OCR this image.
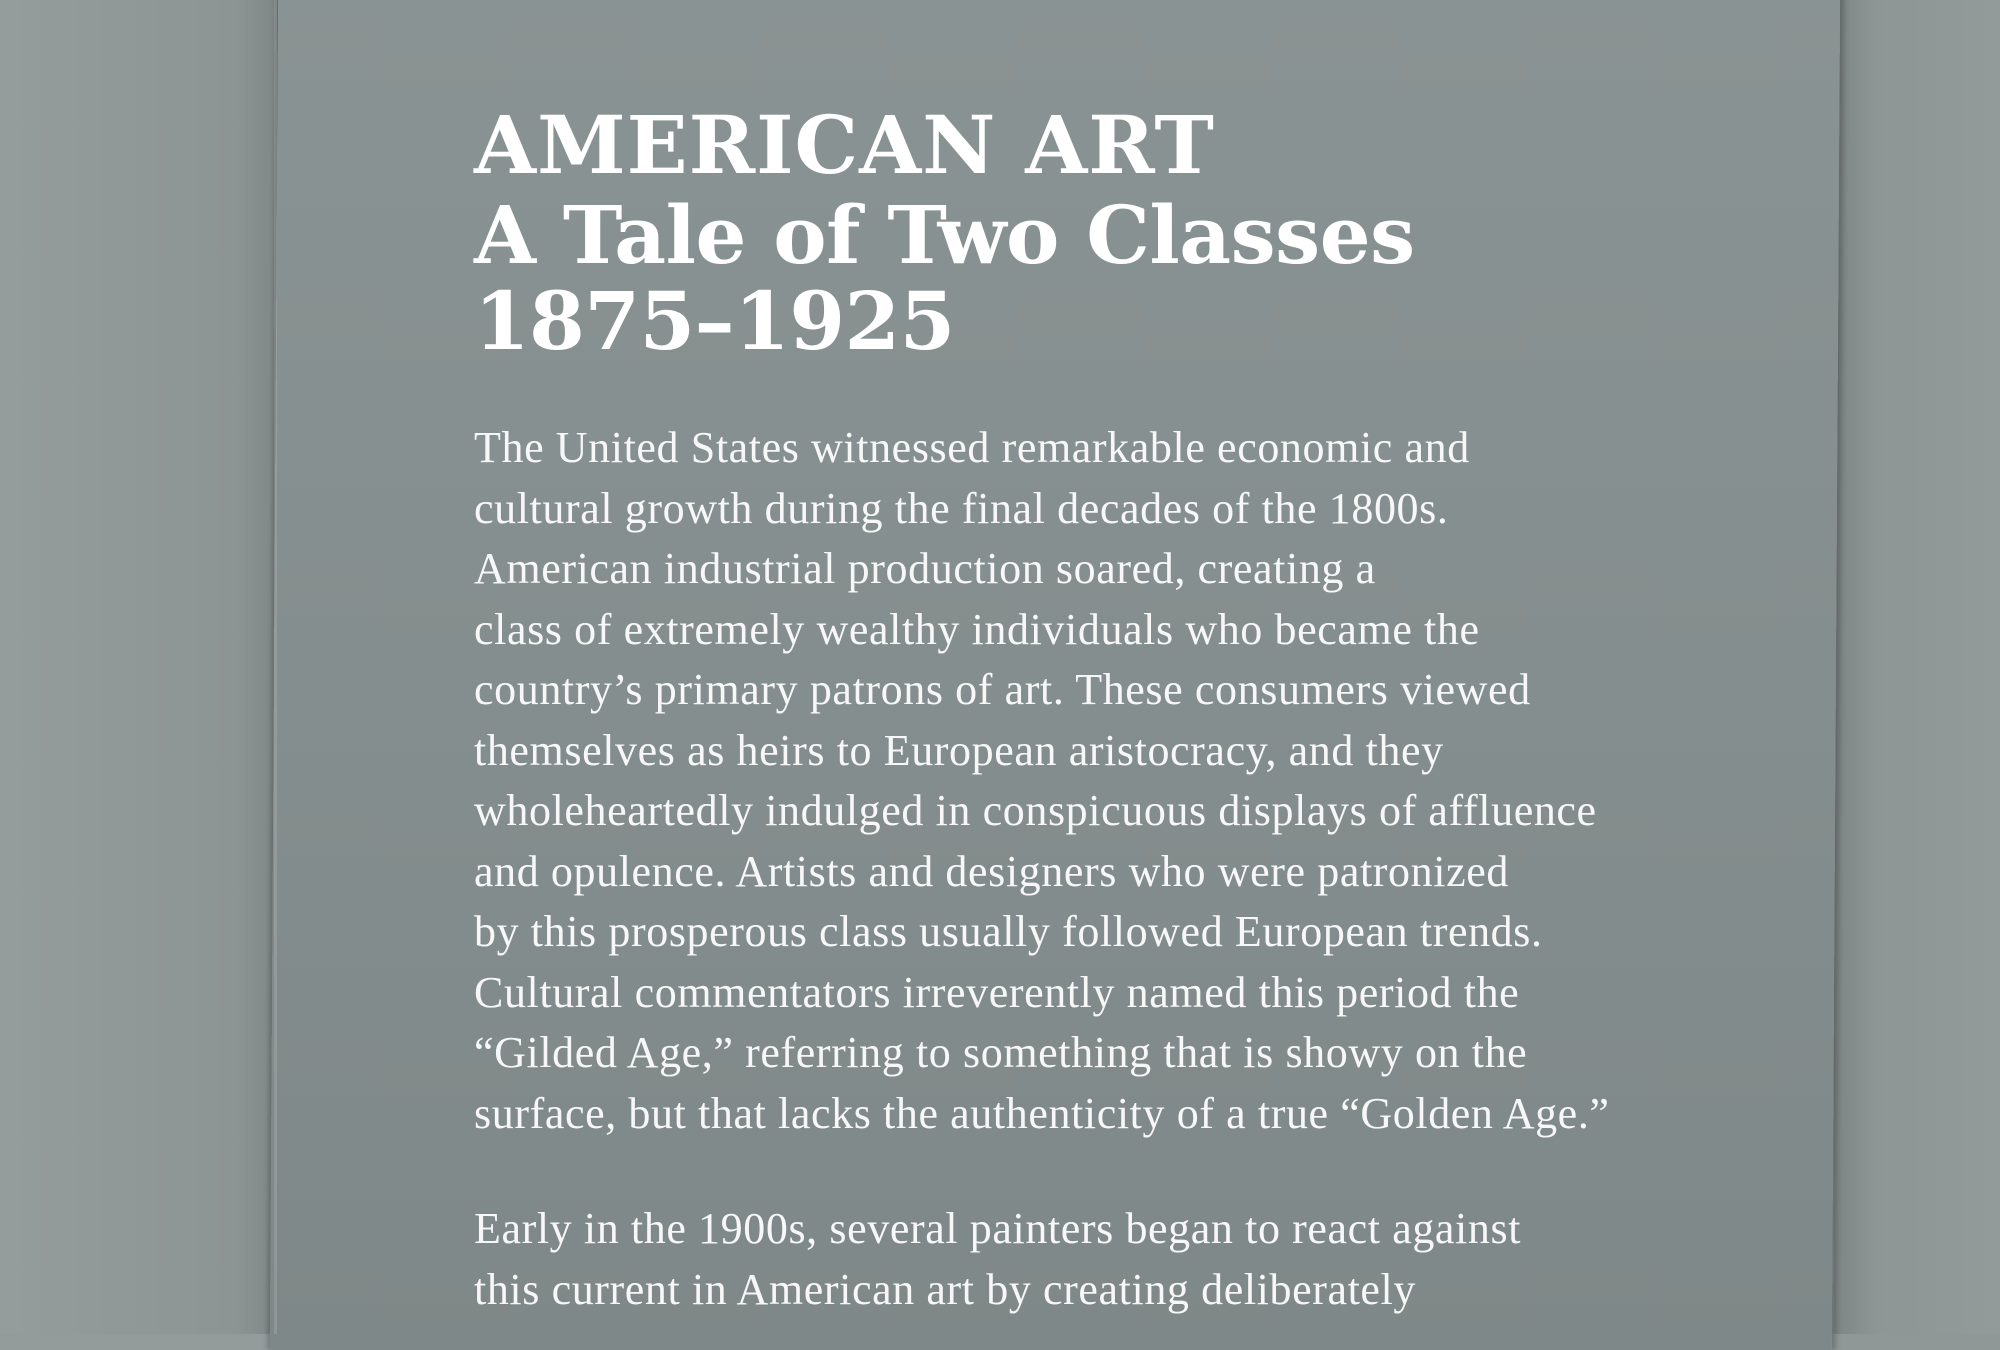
AMERICAN ART
A Tale of Two Classes
1875–1925

The United States witnessed remarkable economic and
cultural growth during the final decades of the 1800s.
American industrial production soared, creating a
class of extremely wealthy individuals who became the
country’s primary patrons of art. These consumers viewed
themselves as heirs to European aristocracy, and they
wholeheartedly indulged in conspicuous displays of affluence
and opulence. Artists and designers who were patronized
by this prosperous class usually followed European trends.
Cultural commentators irreverently named this period the
“Gilded Age,” referring to something that is showy on the
surface, but that lacks the authenticity of a true “Golden Age.”

Early in the 1900s, several painters began to react against
this current in American art by creating deliberately
